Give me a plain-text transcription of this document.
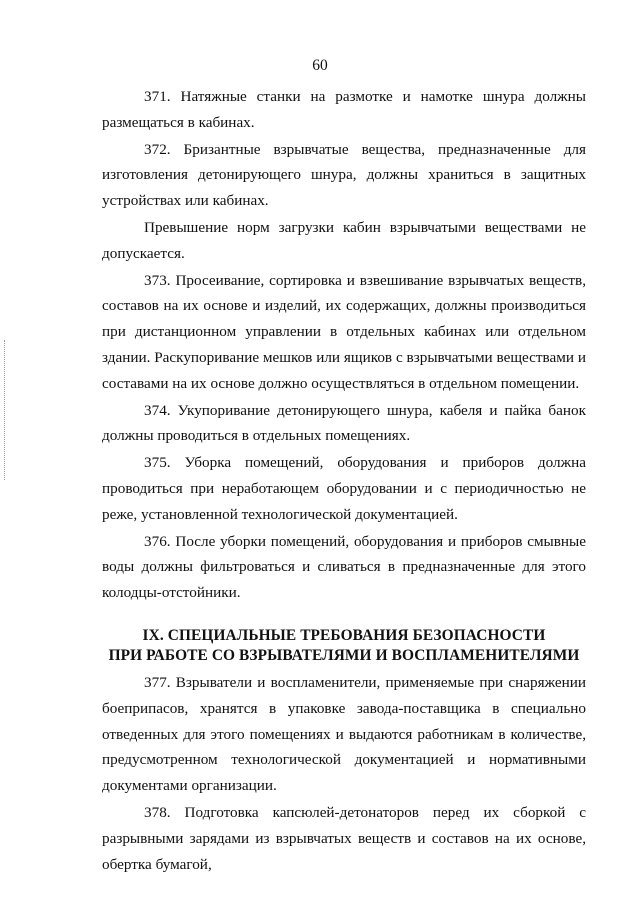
60

371. Натяжные станки на размотке и намотке шнура должны размещаться в кабинах.

372. Бризантные взрывчатые вещества, предназначенные для изготовления детонирующего шнура, должны храниться в защитных устройствах или кабинах.

Превышение норм загрузки кабин взрывчатыми веществами не допускается.

373. Просеивание, сортировка и взвешивание взрывчатых веществ, составов на их основе и изделий, их содержащих, должны производиться при дистанционном управлении в отдельных кабинах или отдельном здании. Раскупоривание мешков или ящиков с взрывчатыми веществами и составами на их основе должно осуществляться в отдельном помещении.

374. Укупоривание детонирующего шнура, кабеля и пайка банок должны проводиться в отдельных помещениях.

375. Уборка помещений, оборудования и приборов должна проводиться при неработающем оборудовании и с периодичностью не реже, установленной технологической документацией.

376. После уборки помещений, оборудования и приборов смывные воды должны фильтроваться и сливаться в предназначенные для этого колодцы-отстойники.

IX. СПЕЦИАЛЬНЫЕ ТРЕБОВАНИЯ БЕЗОПАСНОСТИ
ПРИ РАБОТЕ СО ВЗРЫВАТЕЛЯМИ И ВОСПЛАМЕНИТЕЛЯМИ

377. Взрыватели и воспламенители, применяемые при снаряжении боеприпасов, хранятся в упаковке завода-поставщика в специально отведенных для этого помещениях и выдаются работникам в количестве, предусмотренном технологической документацией и нормативными документами организации.

378. Подготовка капсюлей-детонаторов перед их сборкой с разрывными зарядами из взрывчатых веществ и составов на их основе, обертка бумагой,
